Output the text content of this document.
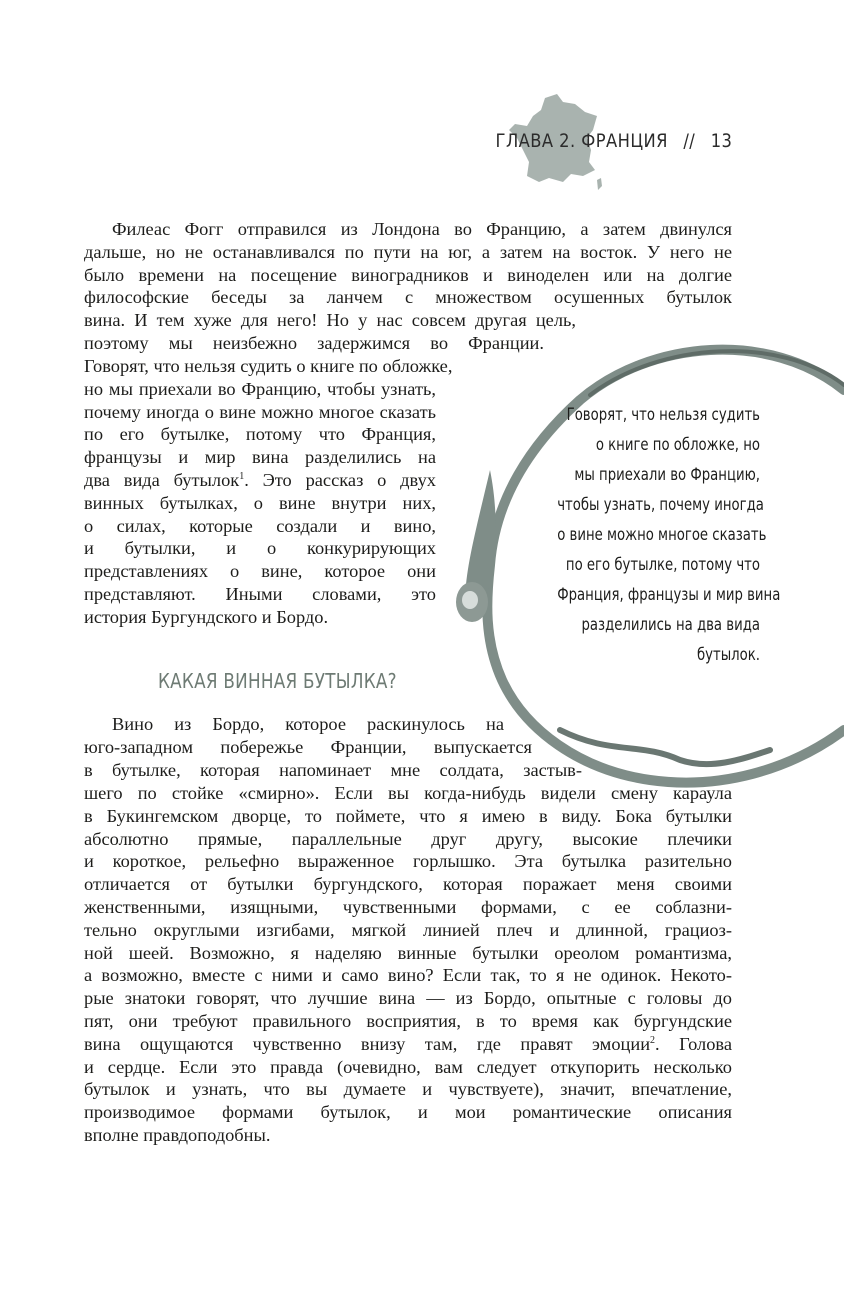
ГЛАВА 2. ФРАНЦИЯ // 13
Филеас Фогг отправился из Лондона во Францию, а затем двинулся
дальше, но не останавливался по пути на юг, а затем на восток. У него не
было времени на посещение виноградников и виноделен или на долгие
философские беседы за ланчем с множеством осушенных бутылок
вина. И тем хуже для него! Но у нас совсем другая цель,
поэтому мы неизбежно задержимся во Франции.
Говорят, что нельзя судить о книге по обложке,
но мы приехали во Францию, чтобы узнать,
почему иногда о вине можно многое сказать
по его бутылке, потому что Франция,
французы и мир вина разделились на
два вида бутылок$^1$. Это рассказ о двух
винных бутылках, о вине внутри них,
о силах, которые создали и вино,
и бутылки, и о конкурирующих
представлениях о вине, которое они
представляют. Иными словами, это
история Бургундского и Бордо.
Говорят, что нельзя судить
о книге по обложке, но
мы приехали во Францию,
чтобы узнать, почему иногда
о вине можно многое сказать
по его бутылке, потому что
Франция, французы и мир вина
разделились на два вида
бутылок.
КАКАЯ ВИННАЯ БУТЫЛКА?
Вино из Бордо, которое раскинулось на
юго-западном побережье Франции, выпускается
в бутылке, которая напоминает мне солдата, застыв-
шего по стойке «смирно». Если вы когда-нибудь видели смену караула
в Букингемском дворце, то поймете, что я имею в виду. Бока бутылки
абсолютно прямые, параллельные друг другу, высокие плечики
и короткое, рельефно выраженное горлышко. Эта бутылка разительно
отличается от бутылки бургундского, которая поражает меня своими
женственными, изящными, чувственными формами, с ее соблазни-
тельно округлыми изгибами, мягкой линией плеч и длинной, грациоз-
ной шеей. Возможно, я наделяю винные бутылки ореолом романтизма,
а возможно, вместе с ними и само вино? Если так, то я не одинок. Некото-
рые знатоки говорят, что лучшие вина — из Бордо, опытные с головы до
пят, они требуют правильного восприятия, в то время как бургундские
вина ощущаются чувственно внизу там, где правят эмоции$^2$. Голова
и сердце. Если это правда (очевидно, вам следует откупорить несколько
бутылок и узнать, что вы думаете и чувствуете), значит, впечатление,
производимое формами бутылок, и мои романтические описания
вполне правдоподобны.
